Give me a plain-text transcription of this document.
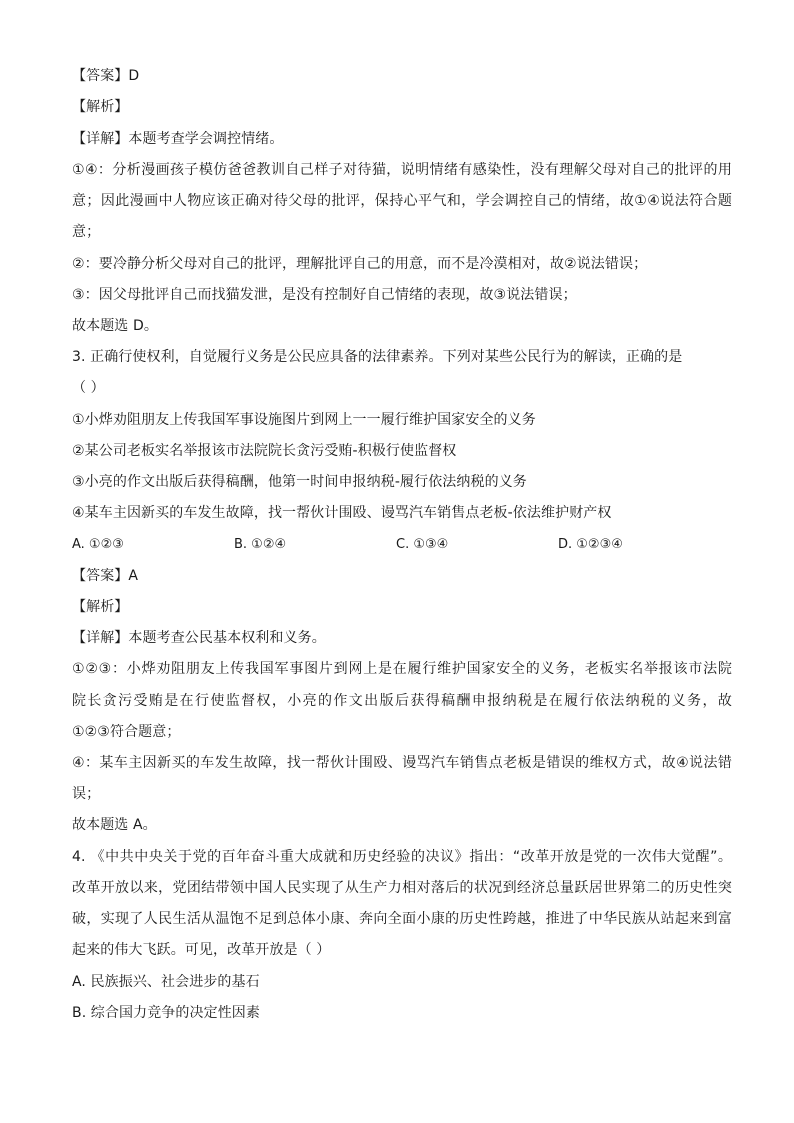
【答案】D
【解析】
【详解】本题考查学会调控情绪。
①④：分析漫画孩子模仿爸爸教训自己样子对待猫，说明情绪有感染性，没有理解父母对自己的批评的用
意；因此漫画中人物应该正确对待父母的批评，保持心平气和，学会调控自己的情绪，故①④说法符合题
意；
②：要冷静分析父母对自己的批评，理解批评自己的用意，而不是冷漠相对，故②说法错误；
③：因父母批评自己而找猫发泄，是没有控制好自己情绪的表现，故③说法错误；
故本题选 D。
3. 正确行使权利，自觉履行义务是公民应具备的法律素养。下列对某些公民行为的解读，正确的是
（ ）
①小烨劝阻朋友上传我国军事设施图片到网上一一履行维护国家安全的义务
②某公司老板实名举报该市法院院长贪污受贿-积极行使监督权
③小亮的作文出版后获得稿酬，他第一时间申报纳税-履行依法纳税的义务
④某车主因新买的车发生故障，找一帮伙计围殴、谩骂汽车销售点老板-依法维护财产权
A. ①②③	B. ①②④	C. ①③④	D. ①②③④
【答案】A
【解析】
【详解】本题考查公民基本权利和义务。
①②③：小烨劝阻朋友上传我国军事图片到网上是在履行维护国家安全的义务，老板实名举报该市法院
院长贪污受贿是在行使监督权，小亮的作文出版后获得稿酬申报纳税是在履行依法纳税的义务，故
①②③符合题意；
④：某车主因新买的车发生故障，找一帮伙计围殴、谩骂汽车销售点老板是错误的维权方式，故④说法错
误；
故本题选 A。
4. 《中共中央关于党的百年奋斗重大成就和历史经验的决议》指出：“改革开放是党的一次伟大觉醒”。
改革开放以来，党团结带领中国人民实现了从生产力相对落后的状况到经济总量跃居世界第二的历史性突
破，实现了人民生活从温饱不足到总体小康、奔向全面小康的历史性跨越，推进了中华民族从站起来到富
起来的伟大飞跃。可见，改革开放是（ ）
A. 民族振兴、社会进步的基石
B. 综合国力竞争的决定性因素
